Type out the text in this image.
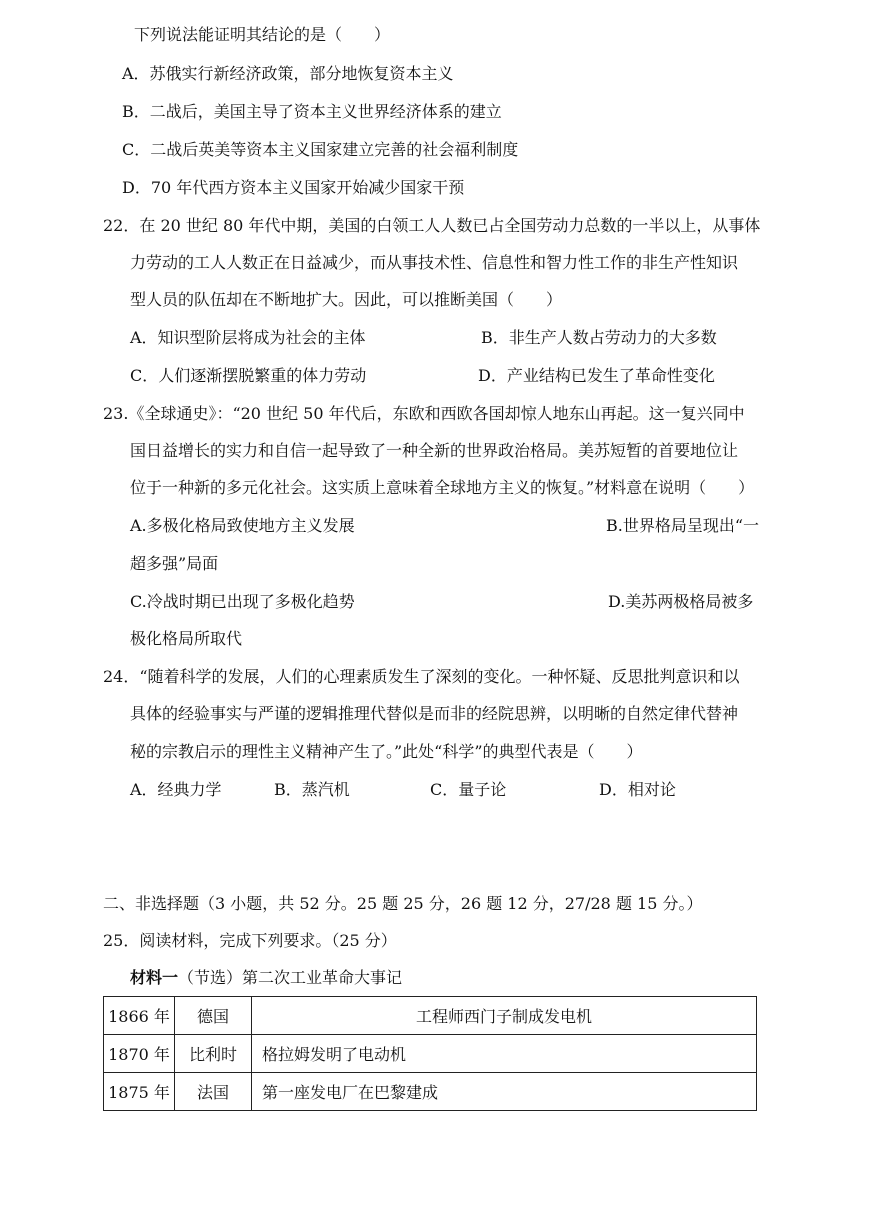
下列说法能证明其结论的是（　　）
A．苏俄实行新经济政策，部分地恢复资本主义
B．二战后，美国主导了资本主义世界经济体系的建立
C．二战后英美等资本主义国家建立完善的社会福利制度
D．70 年代西方资本主义国家开始减少国家干预
22．在 20 世纪 80 年代中期，美国的白领工人人数已占全国劳动力总数的一半以上，从事体
力劳动的工人人数正在日益减少，而从事技术性、信息性和智力性工作的非生产性知识
型人员的队伍却在不断地扩大。因此，可以推断美国（　　）
A．知识型阶层将成为社会的主体	B．非生产人数占劳动力的大多数
C．人们逐渐摆脱繁重的体力劳动	D．产业结构已发生了革命性变化
23.《全球通史》：“20 世纪 50 年代后，东欧和西欧各国却惊人地东山再起。这一复兴同中
国日益增长的实力和自信一起导致了一种全新的世界政治格局。美苏短暂的首要地位让
位于一种新的多元化社会。这实质上意味着全球地方主义的恢复。”材料意在说明（　　）
A.多极化格局致使地方主义发展	B.世界格局呈现出“一
超多强”局面
C.冷战时期已出现了多极化趋势	D.美苏两极格局被多
极化格局所取代
24．“随着科学的发展，人们的心理素质发生了深刻的变化。一种怀疑、反思批判意识和以
具体的经验事实与严谨的逻辑推理代替似是而非的经院思辨，以明晰的自然定律代替神
秘的宗教启示的理性主义精神产生了。”此处“科学”的典型代表是（　　）
A．经典力学	B．蒸汽机	C．量子论	D．相对论
二、非选择题（3 小题，共 52 分。25 题 25 分，26 题 12 分，27/28 题 15 分。）
25．阅读材料，完成下列要求。（25 分）
材料一（节选）第二次工业革命大事记
1866 年	德国	工程师西门子制成发电机
1870 年	比利时	格拉姆发明了电动机
1875 年	法国	第一座发电厂在巴黎建成
